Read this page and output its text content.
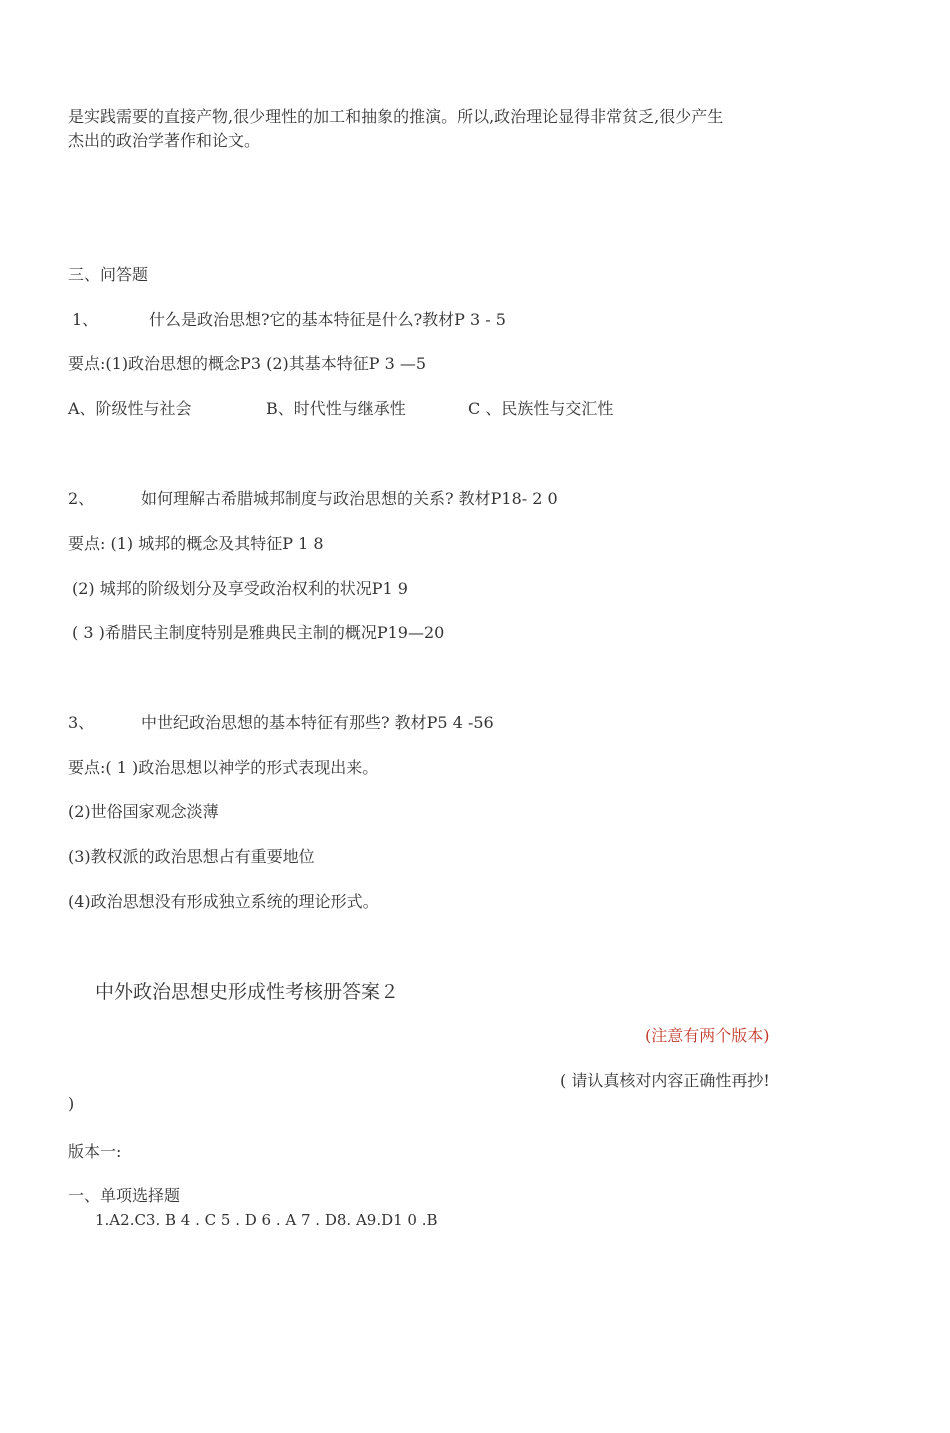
是实践需要的直接产物,很少理性的加工和抽象的推演。所以,政治理论显得非常贫乏,很少产生
杰出的政治学著作和论文。
三、问答题
1、	什么是政治思想?它的基本特征是什么?教材P 3 - 5
要点:(1)政治思想的概念P3 (2)其基本特征P 3 —5
A、阶级性与社会	B、时代性与继承性	C 、民族性与交汇性
2、	如何理解古希腊城邦制度与政治思想的关系? 教材P18- 2 0
要点: (1) 城邦的概念及其特征P 1 8
(2) 城邦的阶级划分及享受政治权利的状况P1 9
( 3 )希腊民主制度特别是雅典民主制的概况P19—20
3、	中世纪政治思想的基本特征有那些? 教材P5 4 -56
要点:( 1 )政治思想以神学的形式表现出来。
(2)世俗国家观念淡薄
(3)教权派的政治思想占有重要地位
(4)政治思想没有形成独立系统的理论形式。
中外政治思想史形成性考核册答案２
(注意有两个版本)
( 请认真核对内容正确性再抄!
)
版本一:
一、单项选择题
1.A2.C3. B 4 . C 5 . D 6 . A 7 . D8. A9.D1 0 .B
